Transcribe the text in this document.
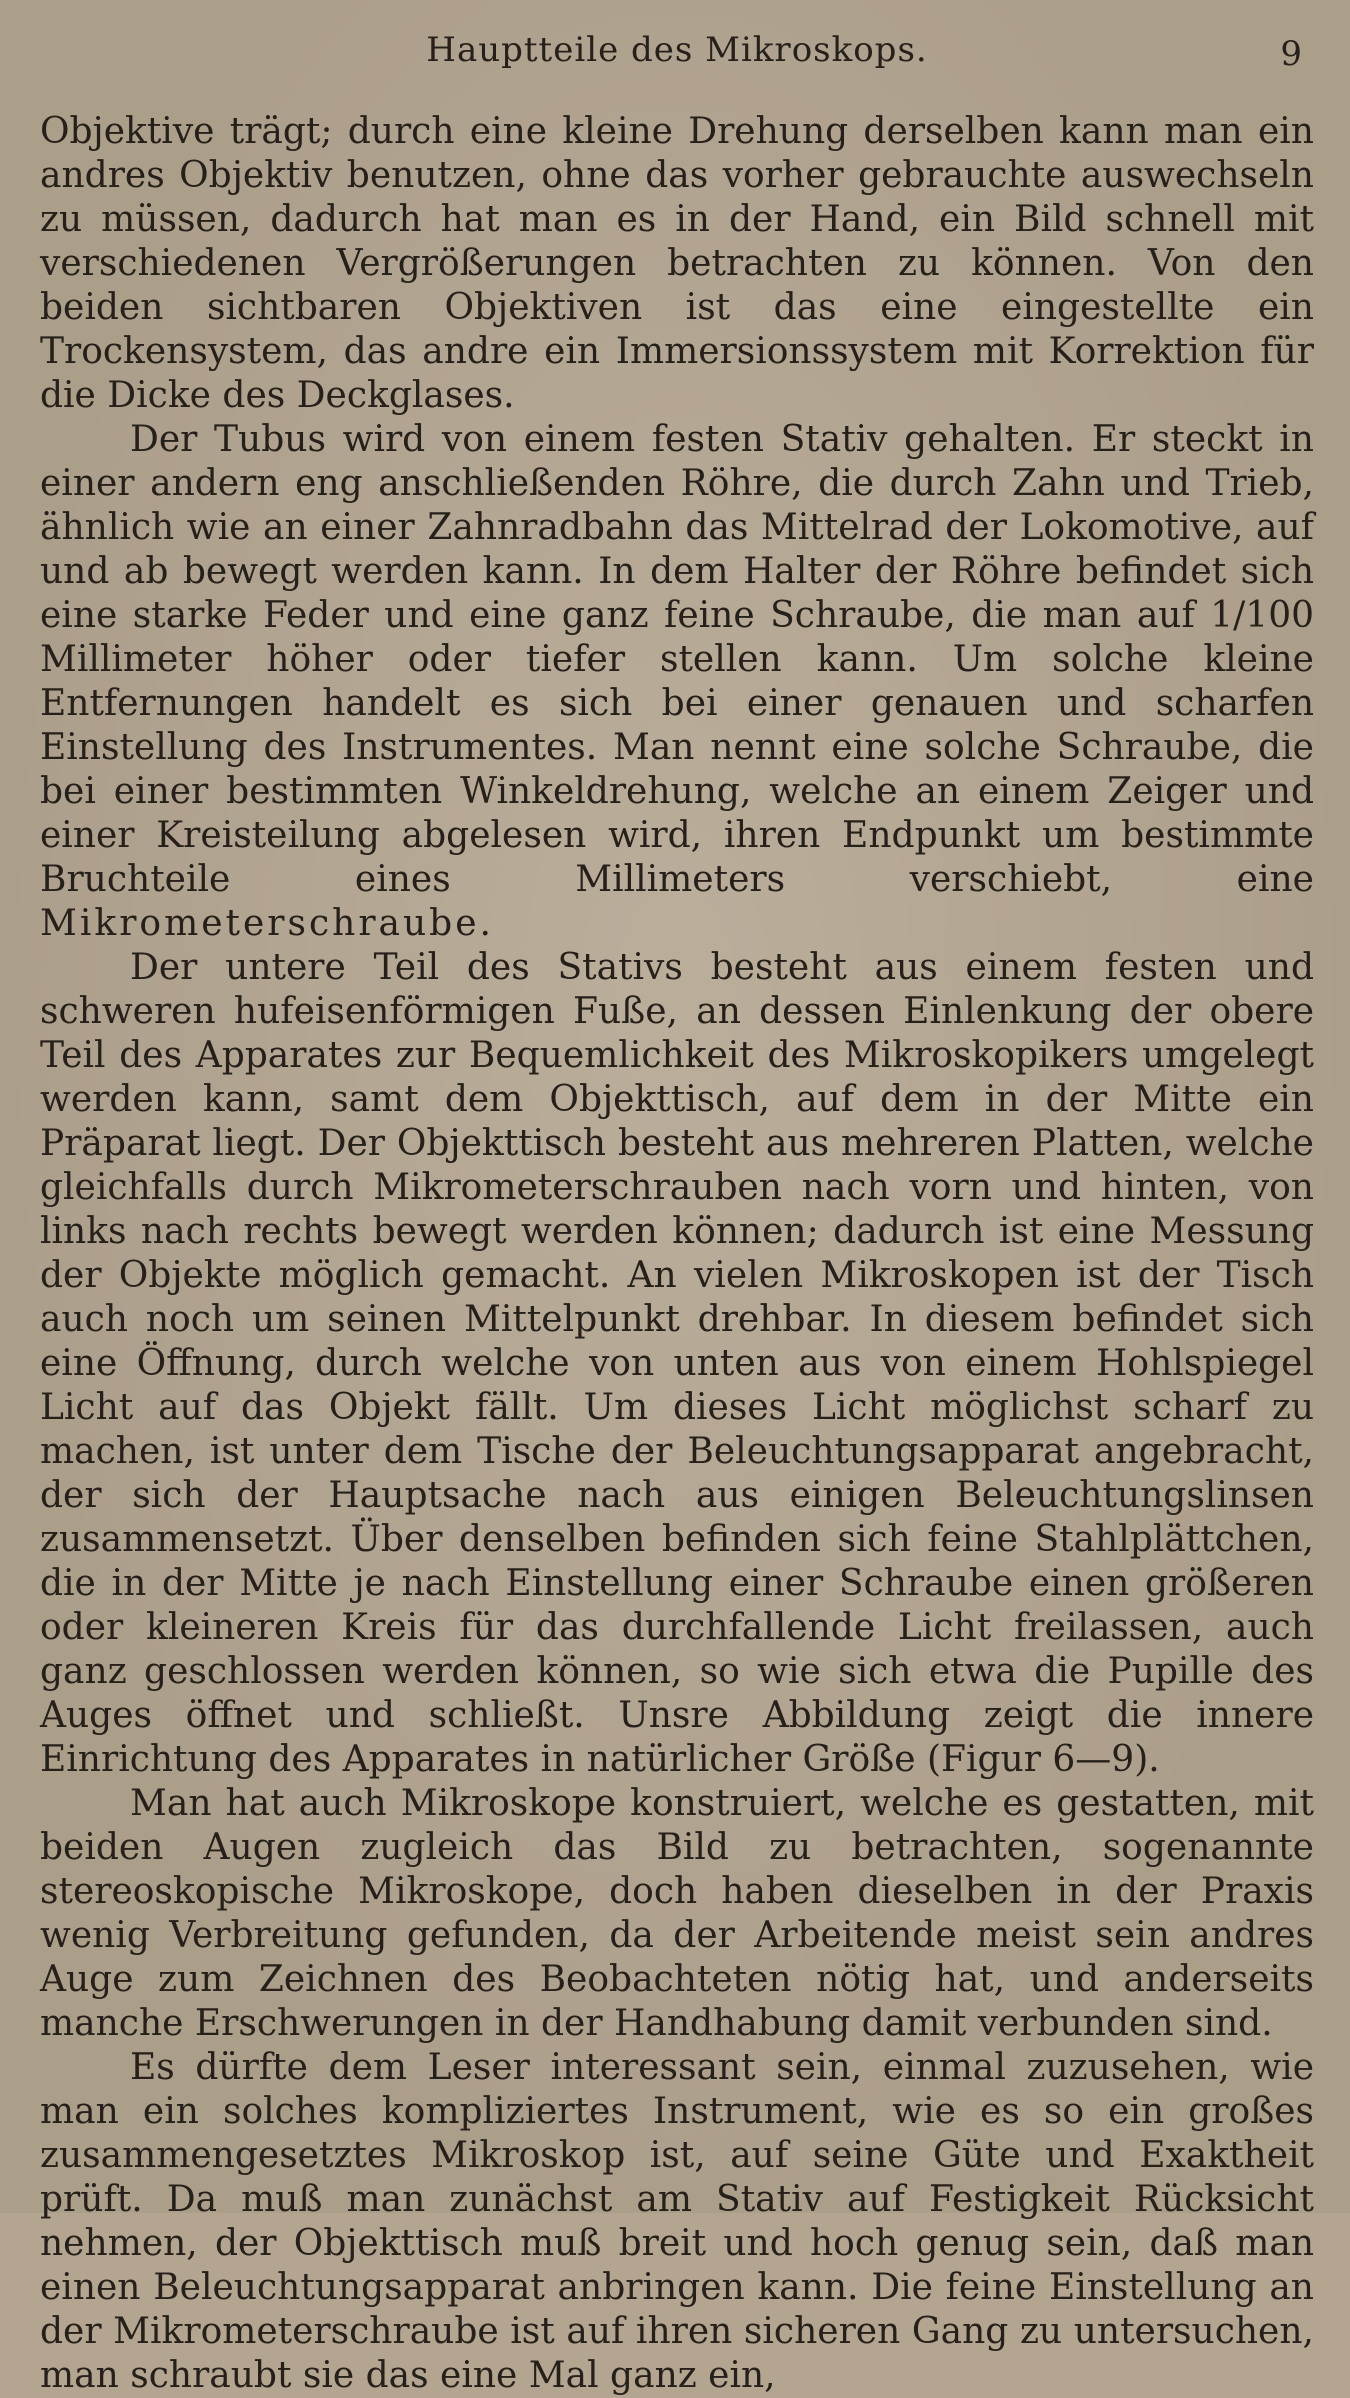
Hauptteile des Mikroskops.	9

Objektive trägt; durch eine kleine Drehung derselben kann man ein andres Objektiv benutzen, ohne das vorher gebrauchte auswechseln zu müssen, dadurch hat man es in der Hand, ein Bild schnell mit verschiedenen Vergrößerungen betrachten zu können. Von den beiden sichtbaren Objektiven ist das eine eingestellte ein Trockensystem, das andre ein Immersionssystem mit Korrektion für die Dicke des Deckglases.

Der Tubus wird von einem festen Stativ gehalten. Er steckt in einer andern eng anschließenden Röhre, die durch Zahn und Trieb, ähnlich wie an einer Zahnradbahn das Mittelrad der Lokomotive, auf und ab bewegt werden kann. In dem Halter der Röhre befindet sich eine starke Feder und eine ganz feine Schraube, die man auf 1/100 Millimeter höher oder tiefer stellen kann. Um solche kleine Entfernungen handelt es sich bei einer genauen und scharfen Einstellung des Instrumentes. Man nennt eine solche Schraube, die bei einer bestimmten Winkeldrehung, welche an einem Zeiger und einer Kreisteilung abgelesen wird, ihren Endpunkt um bestimmte Bruchteile eines Millimeters verschiebt, eine Mikrometerschraube.

Der untere Teil des Stativs besteht aus einem festen und schweren hufeisenförmigen Fuße, an dessen Einlenkung der obere Teil des Apparates zur Bequemlichkeit des Mikroskopikers umgelegt werden kann, samt dem Objekttisch, auf dem in der Mitte ein Präparat liegt. Der Objekttisch besteht aus mehreren Platten, welche gleichfalls durch Mikrometerschrauben nach vorn und hinten, von links nach rechts bewegt werden können; dadurch ist eine Messung der Objekte möglich gemacht. An vielen Mikroskopen ist der Tisch auch noch um seinen Mittelpunkt drehbar. In diesem befindet sich eine Öffnung, durch welche von unten aus von einem Hohlspiegel Licht auf das Objekt fällt. Um dieses Licht möglichst scharf zu machen, ist unter dem Tische der Beleuchtungsapparat angebracht, der sich der Hauptsache nach aus einigen Beleuchtungslinsen zusammensetzt. Über denselben befinden sich feine Stahlplättchen, die in der Mitte je nach Einstellung einer Schraube einen größeren oder kleineren Kreis für das durchfallende Licht freilassen, auch ganz geschlossen werden können, so wie sich etwa die Pupille des Auges öffnet und schließt. Unsre Abbildung zeigt die innere Einrichtung des Apparates in natürlicher Größe (Figur 6—9).

Man hat auch Mikroskope konstruiert, welche es gestatten, mit beiden Augen zugleich das Bild zu betrachten, sogenannte stereoskopische Mikroskope, doch haben dieselben in der Praxis wenig Verbreitung gefunden, da der Arbeitende meist sein andres Auge zum Zeichnen des Beobachteten nötig hat, und anderseits manche Erschwerungen in der Handhabung damit verbunden sind.

Es dürfte dem Leser interessant sein, einmal zuzusehen, wie man ein solches kompliziertes Instrument, wie es so ein großes zusammengesetztes Mikroskop ist, auf seine Güte und Exaktheit prüft. Da muß man zunächst am Stativ auf Festigkeit Rücksicht nehmen, der Objekttisch muß breit und hoch genug sein, daß man einen Beleuchtungsapparat anbringen kann. Die feine Einstellung an der Mikrometerschraube ist auf ihren sicheren Gang zu untersuchen, man schraubt sie das eine Mal ganz ein,
